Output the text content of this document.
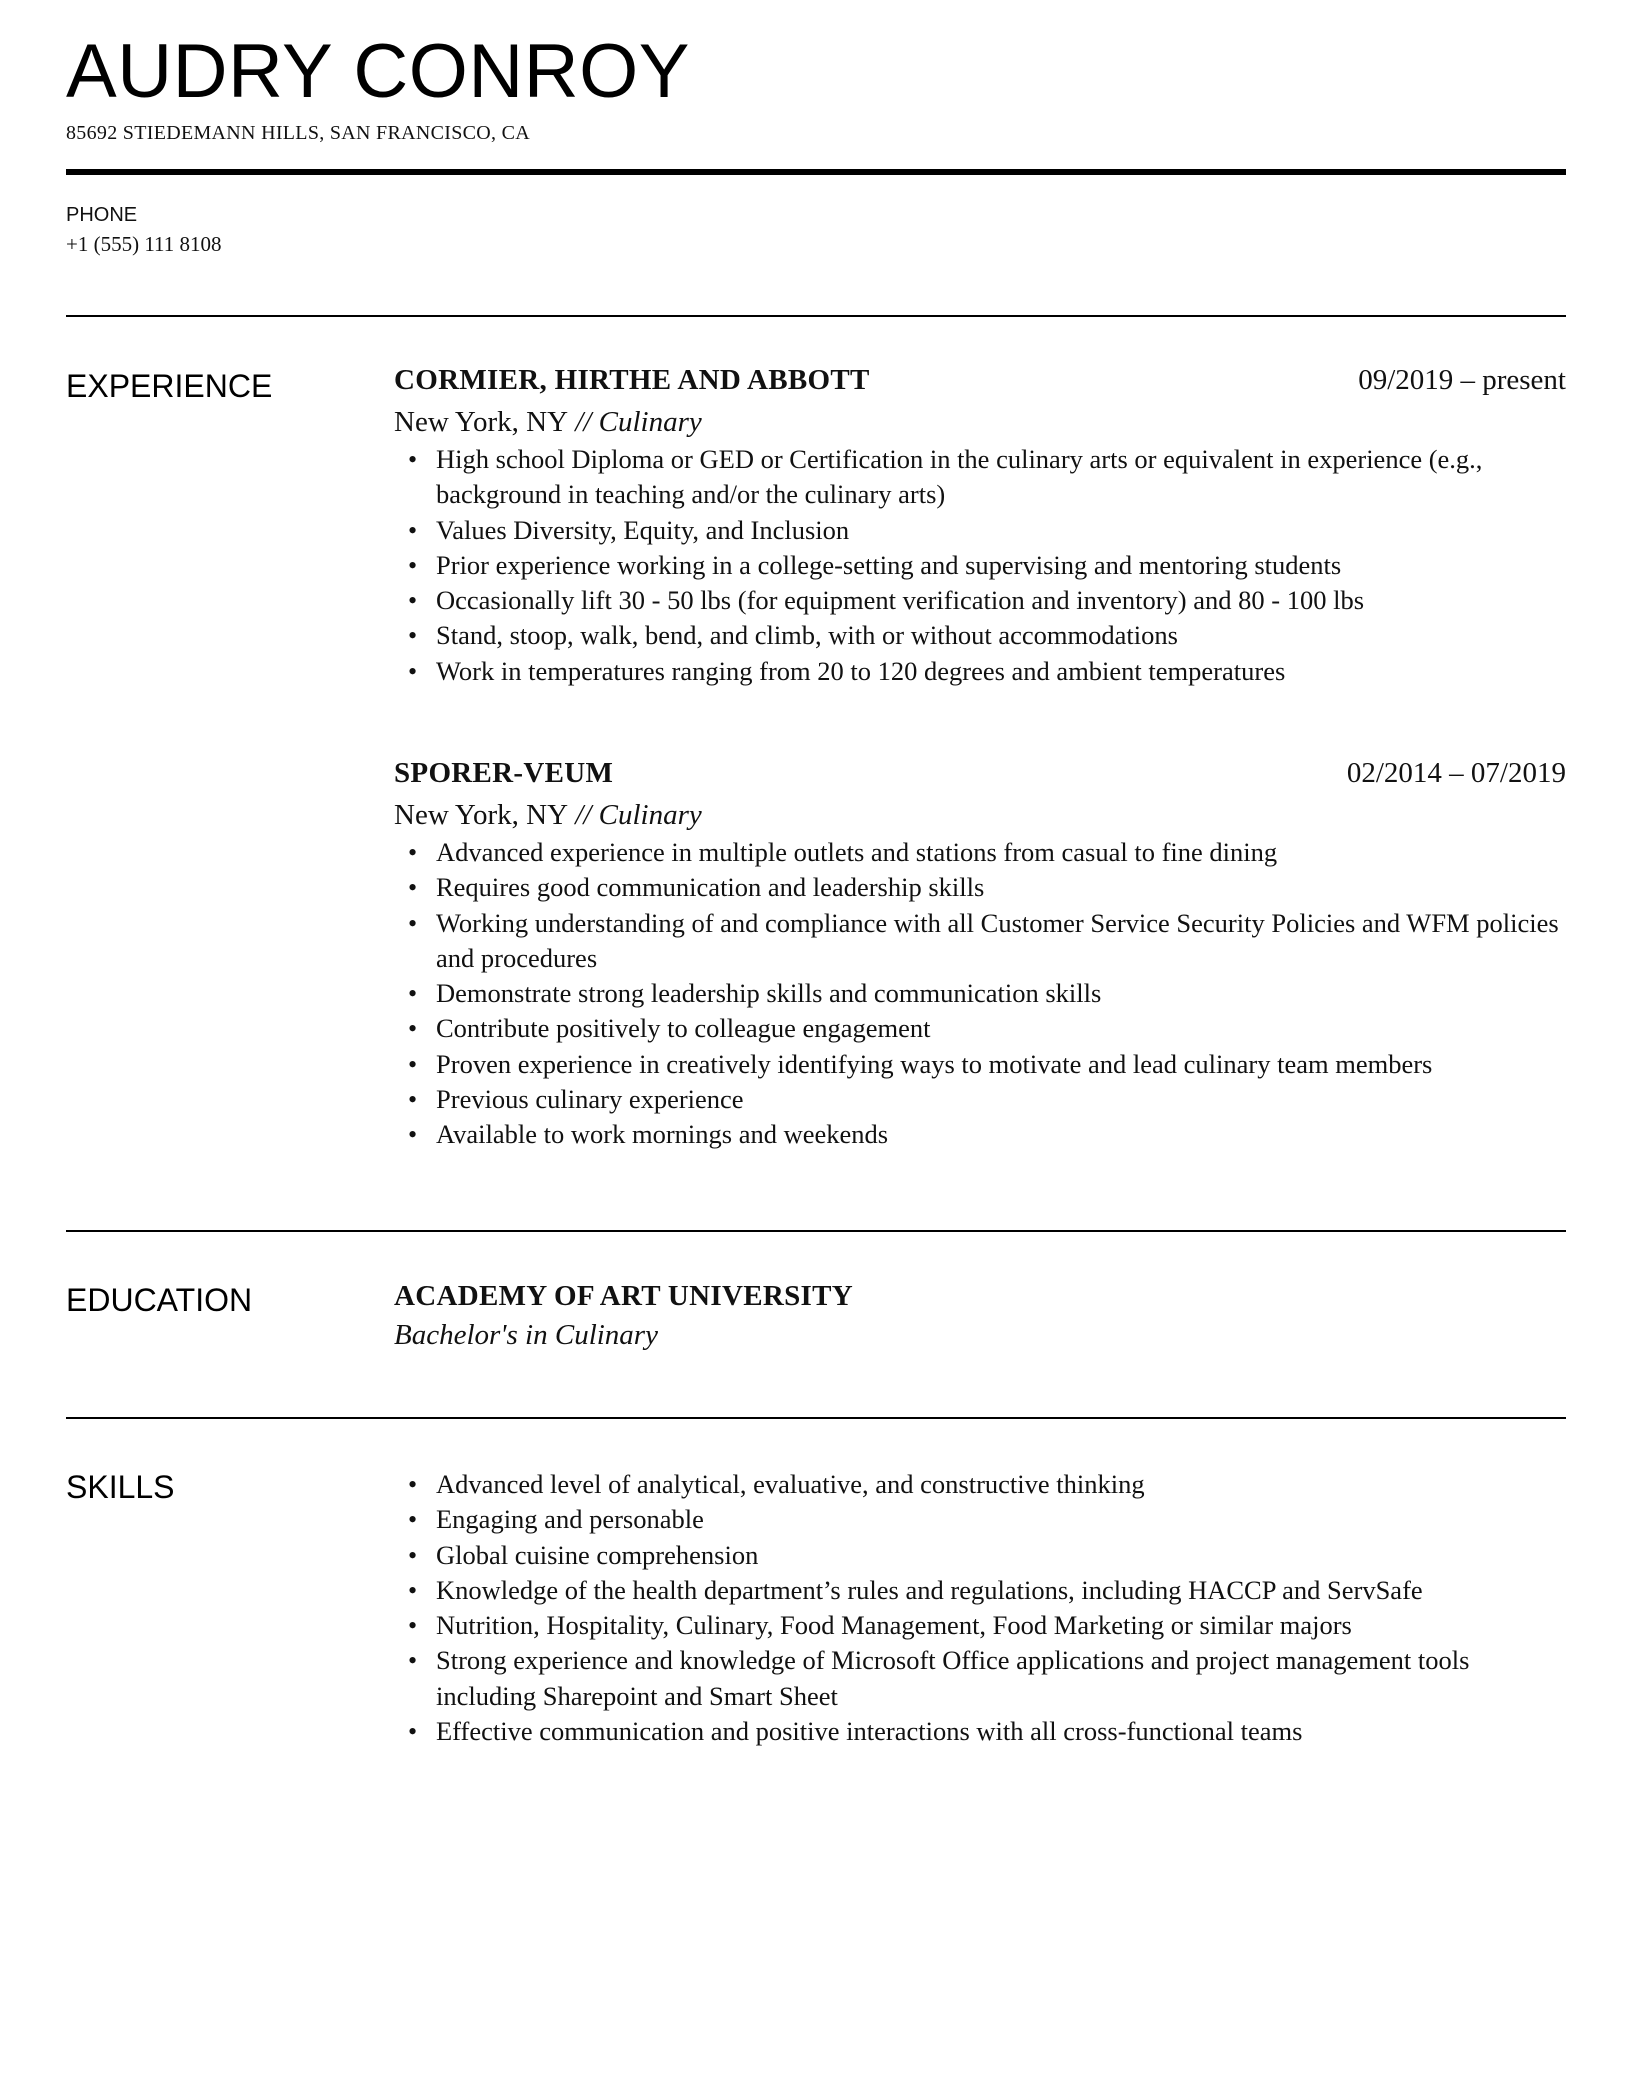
AUDRY CONROY
85692 STIEDEMANN HILLS, SAN FRANCISCO, CA
PHONE
+1 (555) 111 8108
EXPERIENCE	CORMIER, HIRTHE AND ABBOTT	09/2019 – present
New York, NY // Culinary
• High school Diploma or GED or Certification in the culinary arts or equivalent in experience (e.g., background in teaching and/or the culinary arts)
• Values Diversity, Equity, and Inclusion
• Prior experience working in a college-setting and supervising and mentoring students
• Occasionally lift 30 - 50 lbs (for equipment verification and inventory) and 80 - 100 lbs
• Stand, stoop, walk, bend, and climb, with or without accommodations
• Work in temperatures ranging from 20 to 120 degrees and ambient temperatures
SPORER-VEUM	02/2014 – 07/2019
New York, NY // Culinary
• Advanced experience in multiple outlets and stations from casual to fine dining
• Requires good communication and leadership skills
• Working understanding of and compliance with all Customer Service Security Policies and WFM policies and procedures
• Demonstrate strong leadership skills and communication skills
• Contribute positively to colleague engagement
• Proven experience in creatively identifying ways to motivate and lead culinary team members
• Previous culinary experience
• Available to work mornings and weekends
EDUCATION	ACADEMY OF ART UNIVERSITY
Bachelor's in Culinary
SKILLS
•	Advanced level of analytical, evaluative, and constructive thinking
• Engaging and personable
• Global cuisine comprehension
• Knowledge of the health department’s rules and regulations, including HACCP and ServSafe
• Nutrition, Hospitality, Culinary, Food Management, Food Marketing or similar majors
• Strong experience and knowledge of Microsoft Office applications and project management tools including Sharepoint and Smart Sheet
• Effective communication and positive interactions with all cross-functional teams
